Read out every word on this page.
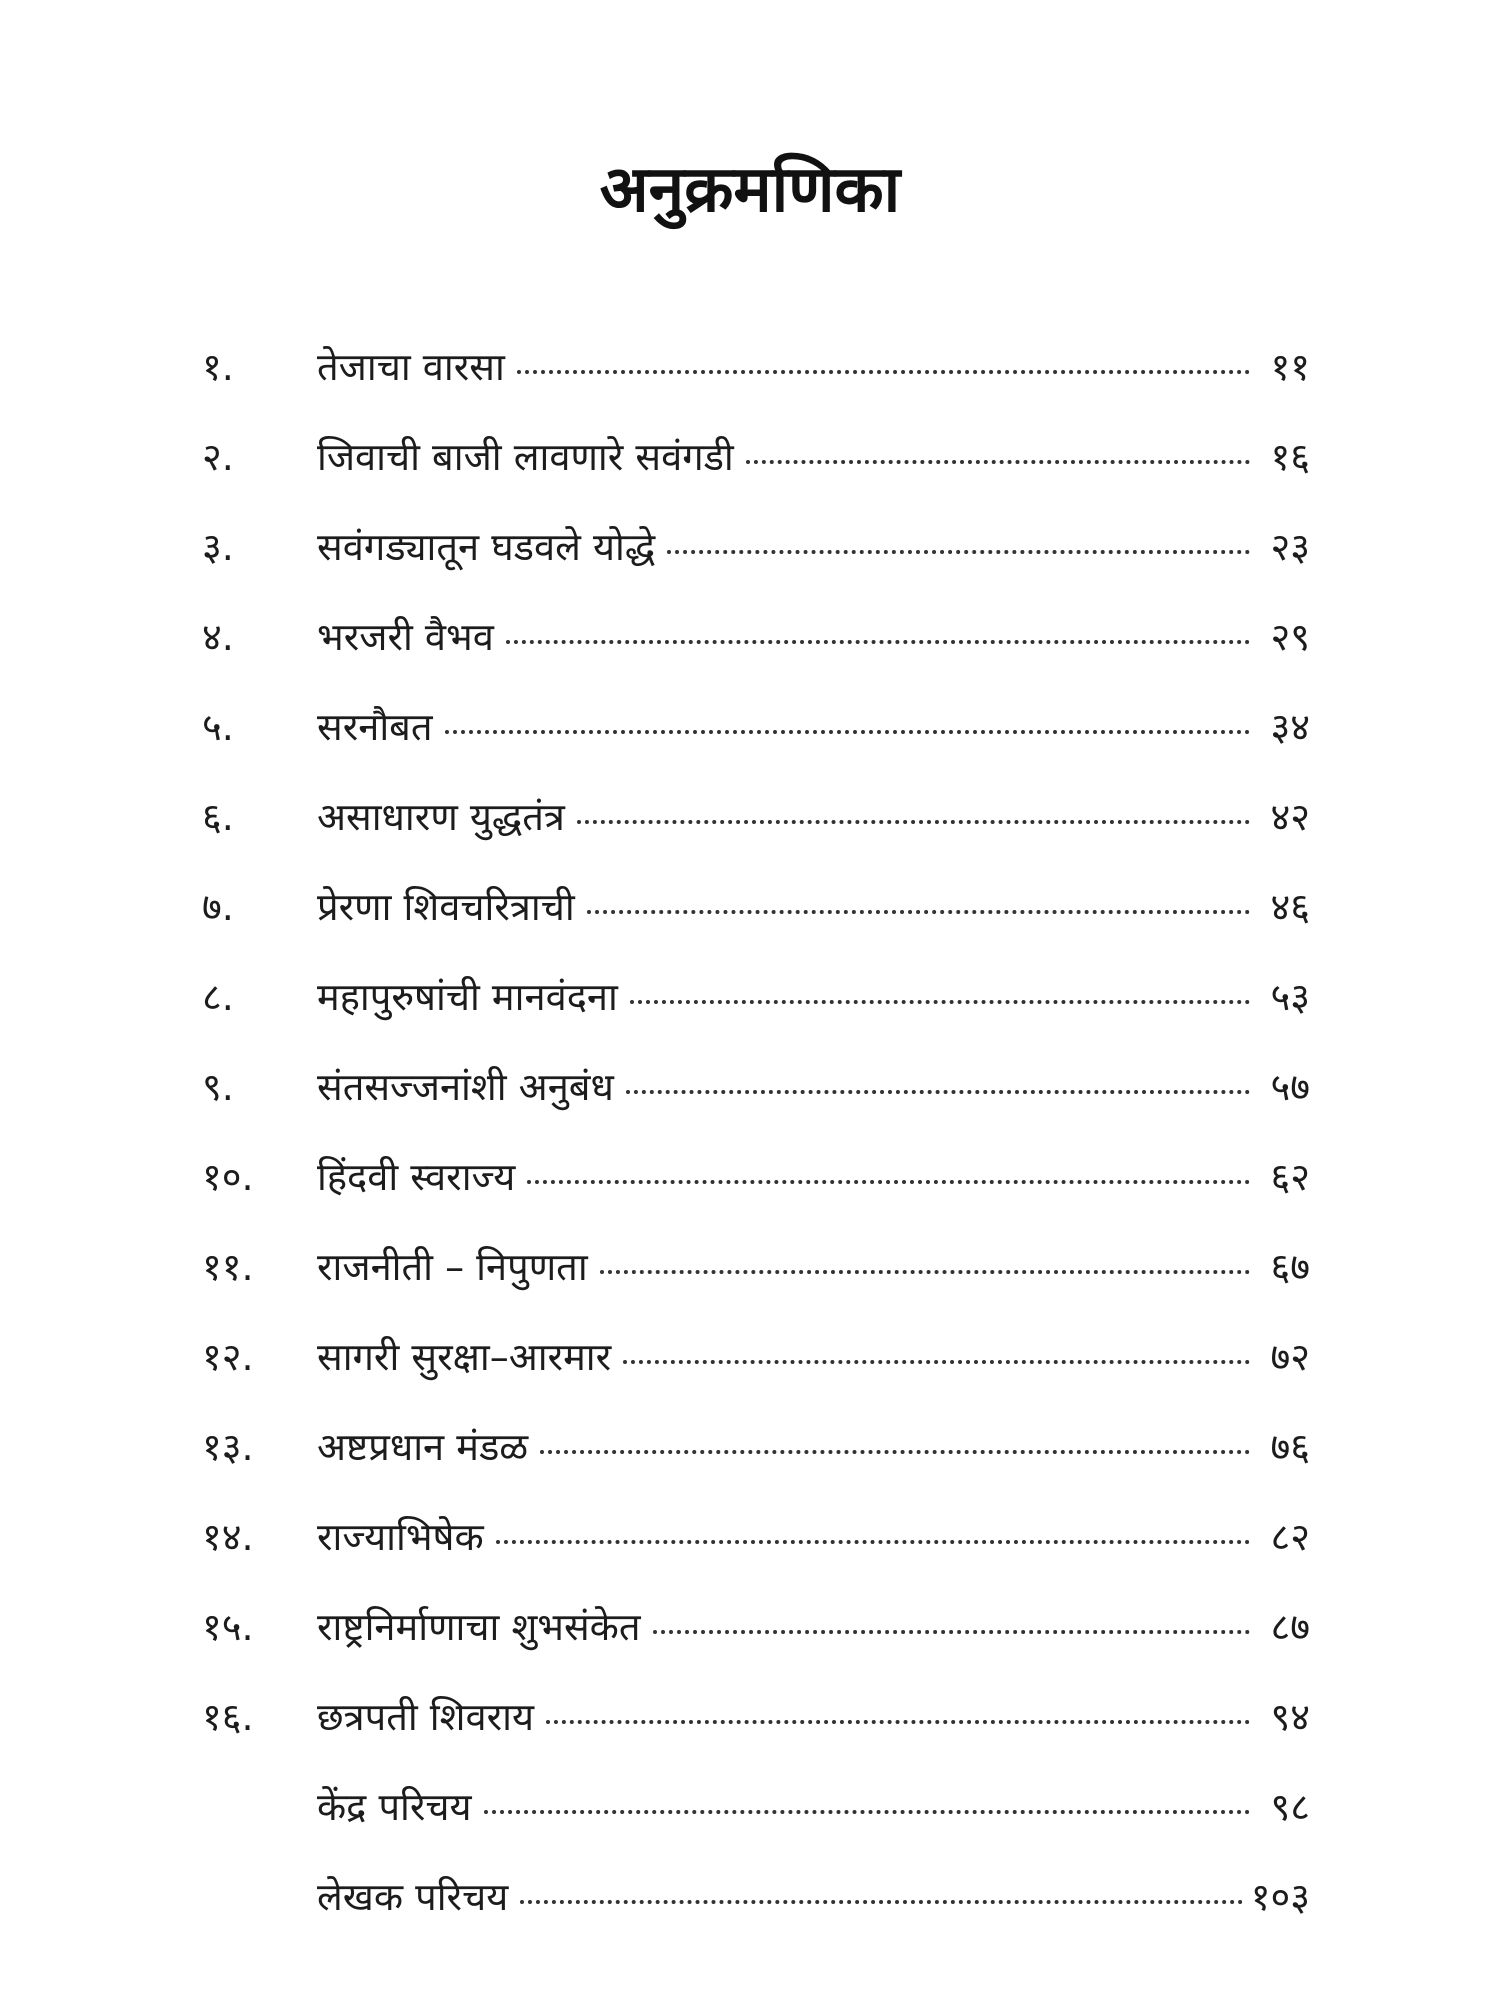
अनुक्रमणिका
१.	तेजाचा वारसा	११
२.	जिवाची बाजी लावणारे सवंगडी	१६
३.	सवंगड्यातून घडवले योद्धे	२३
४.	भरजरी वैभव	२९
५.	सरनौबत	३४
६.	असाधारण युद्धतंत्र	४२
७.	प्रेरणा शिवचरित्राची	४६
८.	महापुरुषांची मानवंदना	५३
९.	संतसज्जनांशी अनुबंध	५७
१०.	हिंदवी स्वराज्य	६२
११.	राजनीती – निपुणता	६७
१२.	सागरी सुरक्षा–आरमार	७२
१३.	अष्टप्रधान मंडळ	७६
१४.	राज्याभिषेक	८२
१५.	राष्ट्रनिर्माणाचा शुभसंकेत	८७
१६.	छत्रपती शिवराय	९४
केंद्र परिचय	९८
लेखक परिचय	१०३
